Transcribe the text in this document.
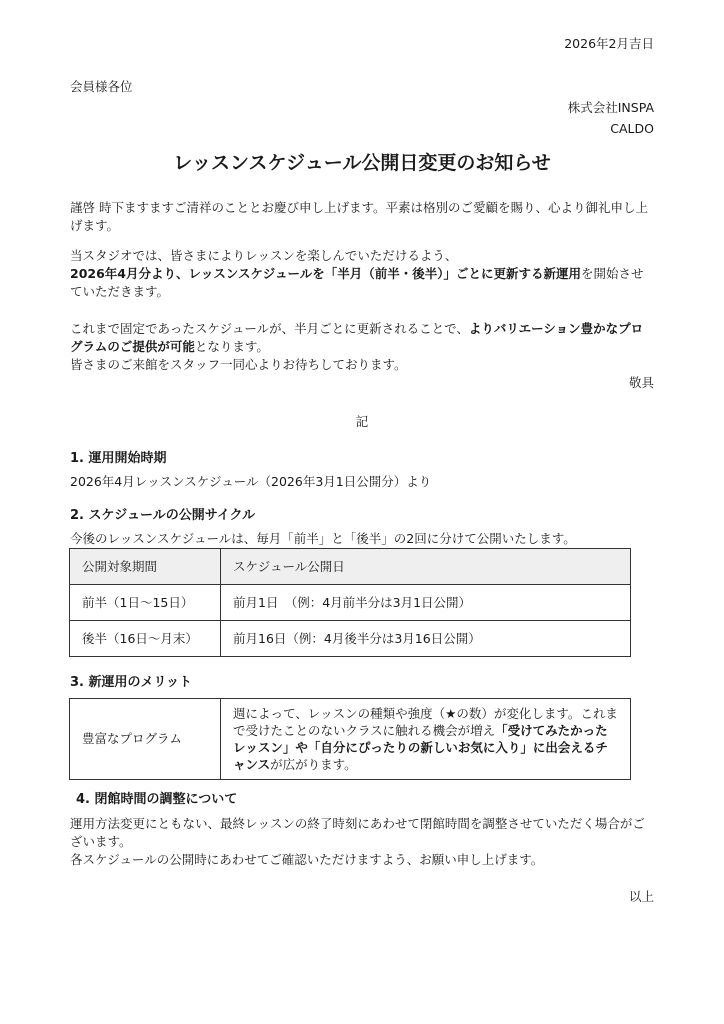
2026年2月吉日
会員様各位
株式会社INSPA
CALDO
レッスンスケジュール公開日変更のお知らせ
謹啓 時下ますますご清祥のこととお慶び申し上げます。平素は格別のご愛顧を賜り、心より御礼申し上げます。
当スタジオでは、皆さまによりレッスンを楽しんでいただけるよう、
2026年4月分より、レッスンスケジュールを「半月（前半・後半）」ごとに更新する新運用を開始させていただきます。
これまで固定であったスケジュールが、半月ごとに更新されることで、よりバリエーション豊かなプログラムのご提供が可能となります。
皆さまのご来館をスタッフ一同心よりお待ちしております。
敬具
記
1. 運用開始時期
2026年4月レッスンスケジュール（2026年3月1日公開分）より
2. スケジュールの公開サイクル
今後のレッスンスケジュールは、毎月「前半」と「後半」の2回に分けて公開いたします。
公開対象期間	スケジュール公開日
前半（1日〜15日）	前月1日　（例：4月前半分は3月1日公開）
後半（16日〜月末）	前月16日（例：4月後半分は3月16日公開）
3. 新運用のメリット
豊富なプログラム	週によって、レッスンの種類や強度（★の数）が変化します。これまで受けたことのないクラスに触れる機会が増え「受けてみたかったレッスン」や「自分にぴったりの新しいお気に入り」に出会えるチャンスが広がります。
4. 閉館時間の調整について
運用方法変更にともない、最終レッスンの終了時刻にあわせて閉館時間を調整させていただく場合がございます。
各スケジュールの公開時にあわせてご確認いただけますよう、お願い申し上げます。
以上
